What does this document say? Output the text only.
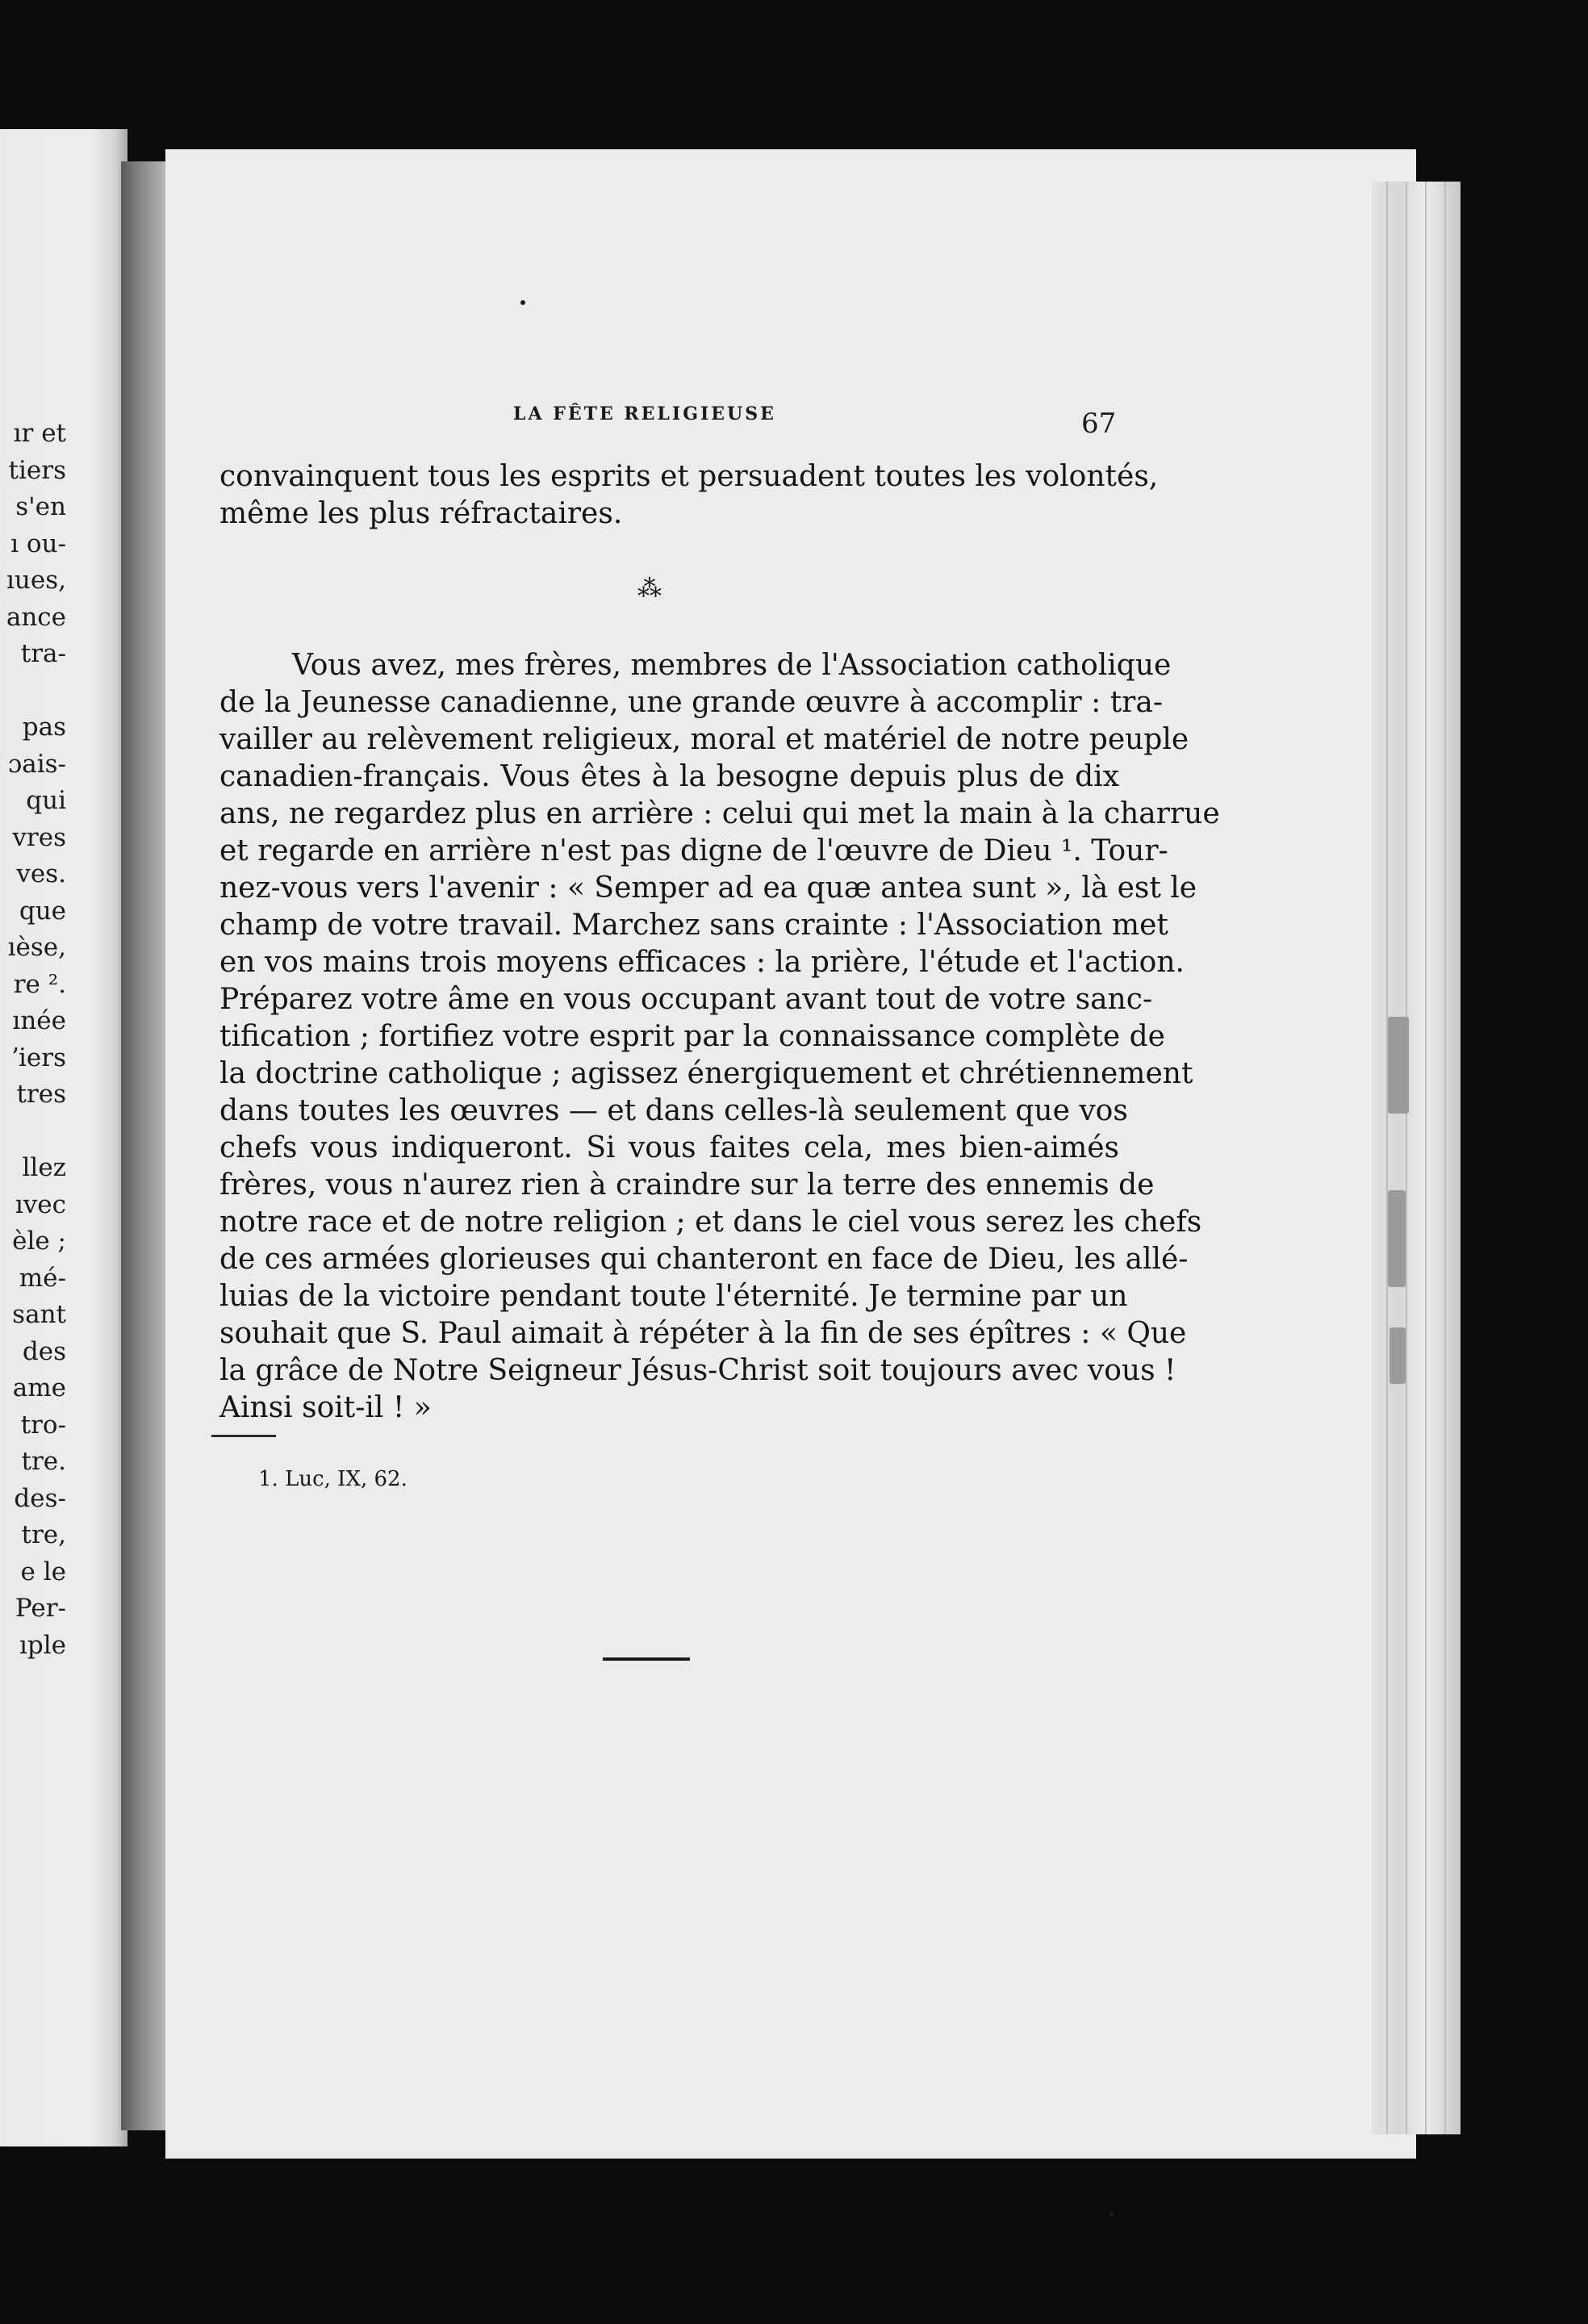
ır et
tiers
s'en
ı ou-
ıues,
ance
tra-
pas
ɔais-
qui
vres
ves.
que
ıèse,
re ².
ınée
ʼiers
tres
llez
ıvec
èle ;
mé-
sant
des
ame
tro-
tre.
des-
tre,
e le
Per-
ıple
LA FÊTE RELIGIEUSE	67
convainquent tous les esprits et persuadent toutes les volontés,
même les plus réfractaires.
⁂
Vous avez, mes frères, membres de l'Association catholique
de la Jeunesse canadienne, une grande œuvre à accomplir : tra-
vailler au relèvement religieux, moral et matériel de notre peuple
canadien-français. Vous êtes à la besogne depuis plus de dix
ans, ne regardez plus en arrière : celui qui met la main à la charrue
et regarde en arrière n'est pas digne de l'œuvre de Dieu ¹. Tour-
nez-vous vers l'avenir : « Semper ad ea quæ antea sunt », là est le
champ de votre travail. Marchez sans crainte : l'Association met
en vos mains trois moyens efficaces : la prière, l'étude et l'action.
Préparez votre âme en vous occupant avant tout de votre sanc-
tification ; fortifiez votre esprit par la connaissance complète de
la doctrine catholique ; agissez énergiquement et chrétiennement
dans toutes les œuvres — et dans celles-là seulement que vos
chefs vous indiqueront. Si vous faites cela, mes bien-aimés
frères, vous n'aurez rien à craindre sur la terre des ennemis de
notre race et de notre religion ; et dans le ciel vous serez les chefs
de ces armées glorieuses qui chanteront en face de Dieu, les allé-
luias de la victoire pendant toute l'éternité. Je termine par un
souhait que S. Paul aimait à répéter à la fin de ses épîtres : « Que
la grâce de Notre Seigneur Jésus-Christ soit toujours avec vous !
Ainsi soit-il ! »
1. Luc, IX, 62.
